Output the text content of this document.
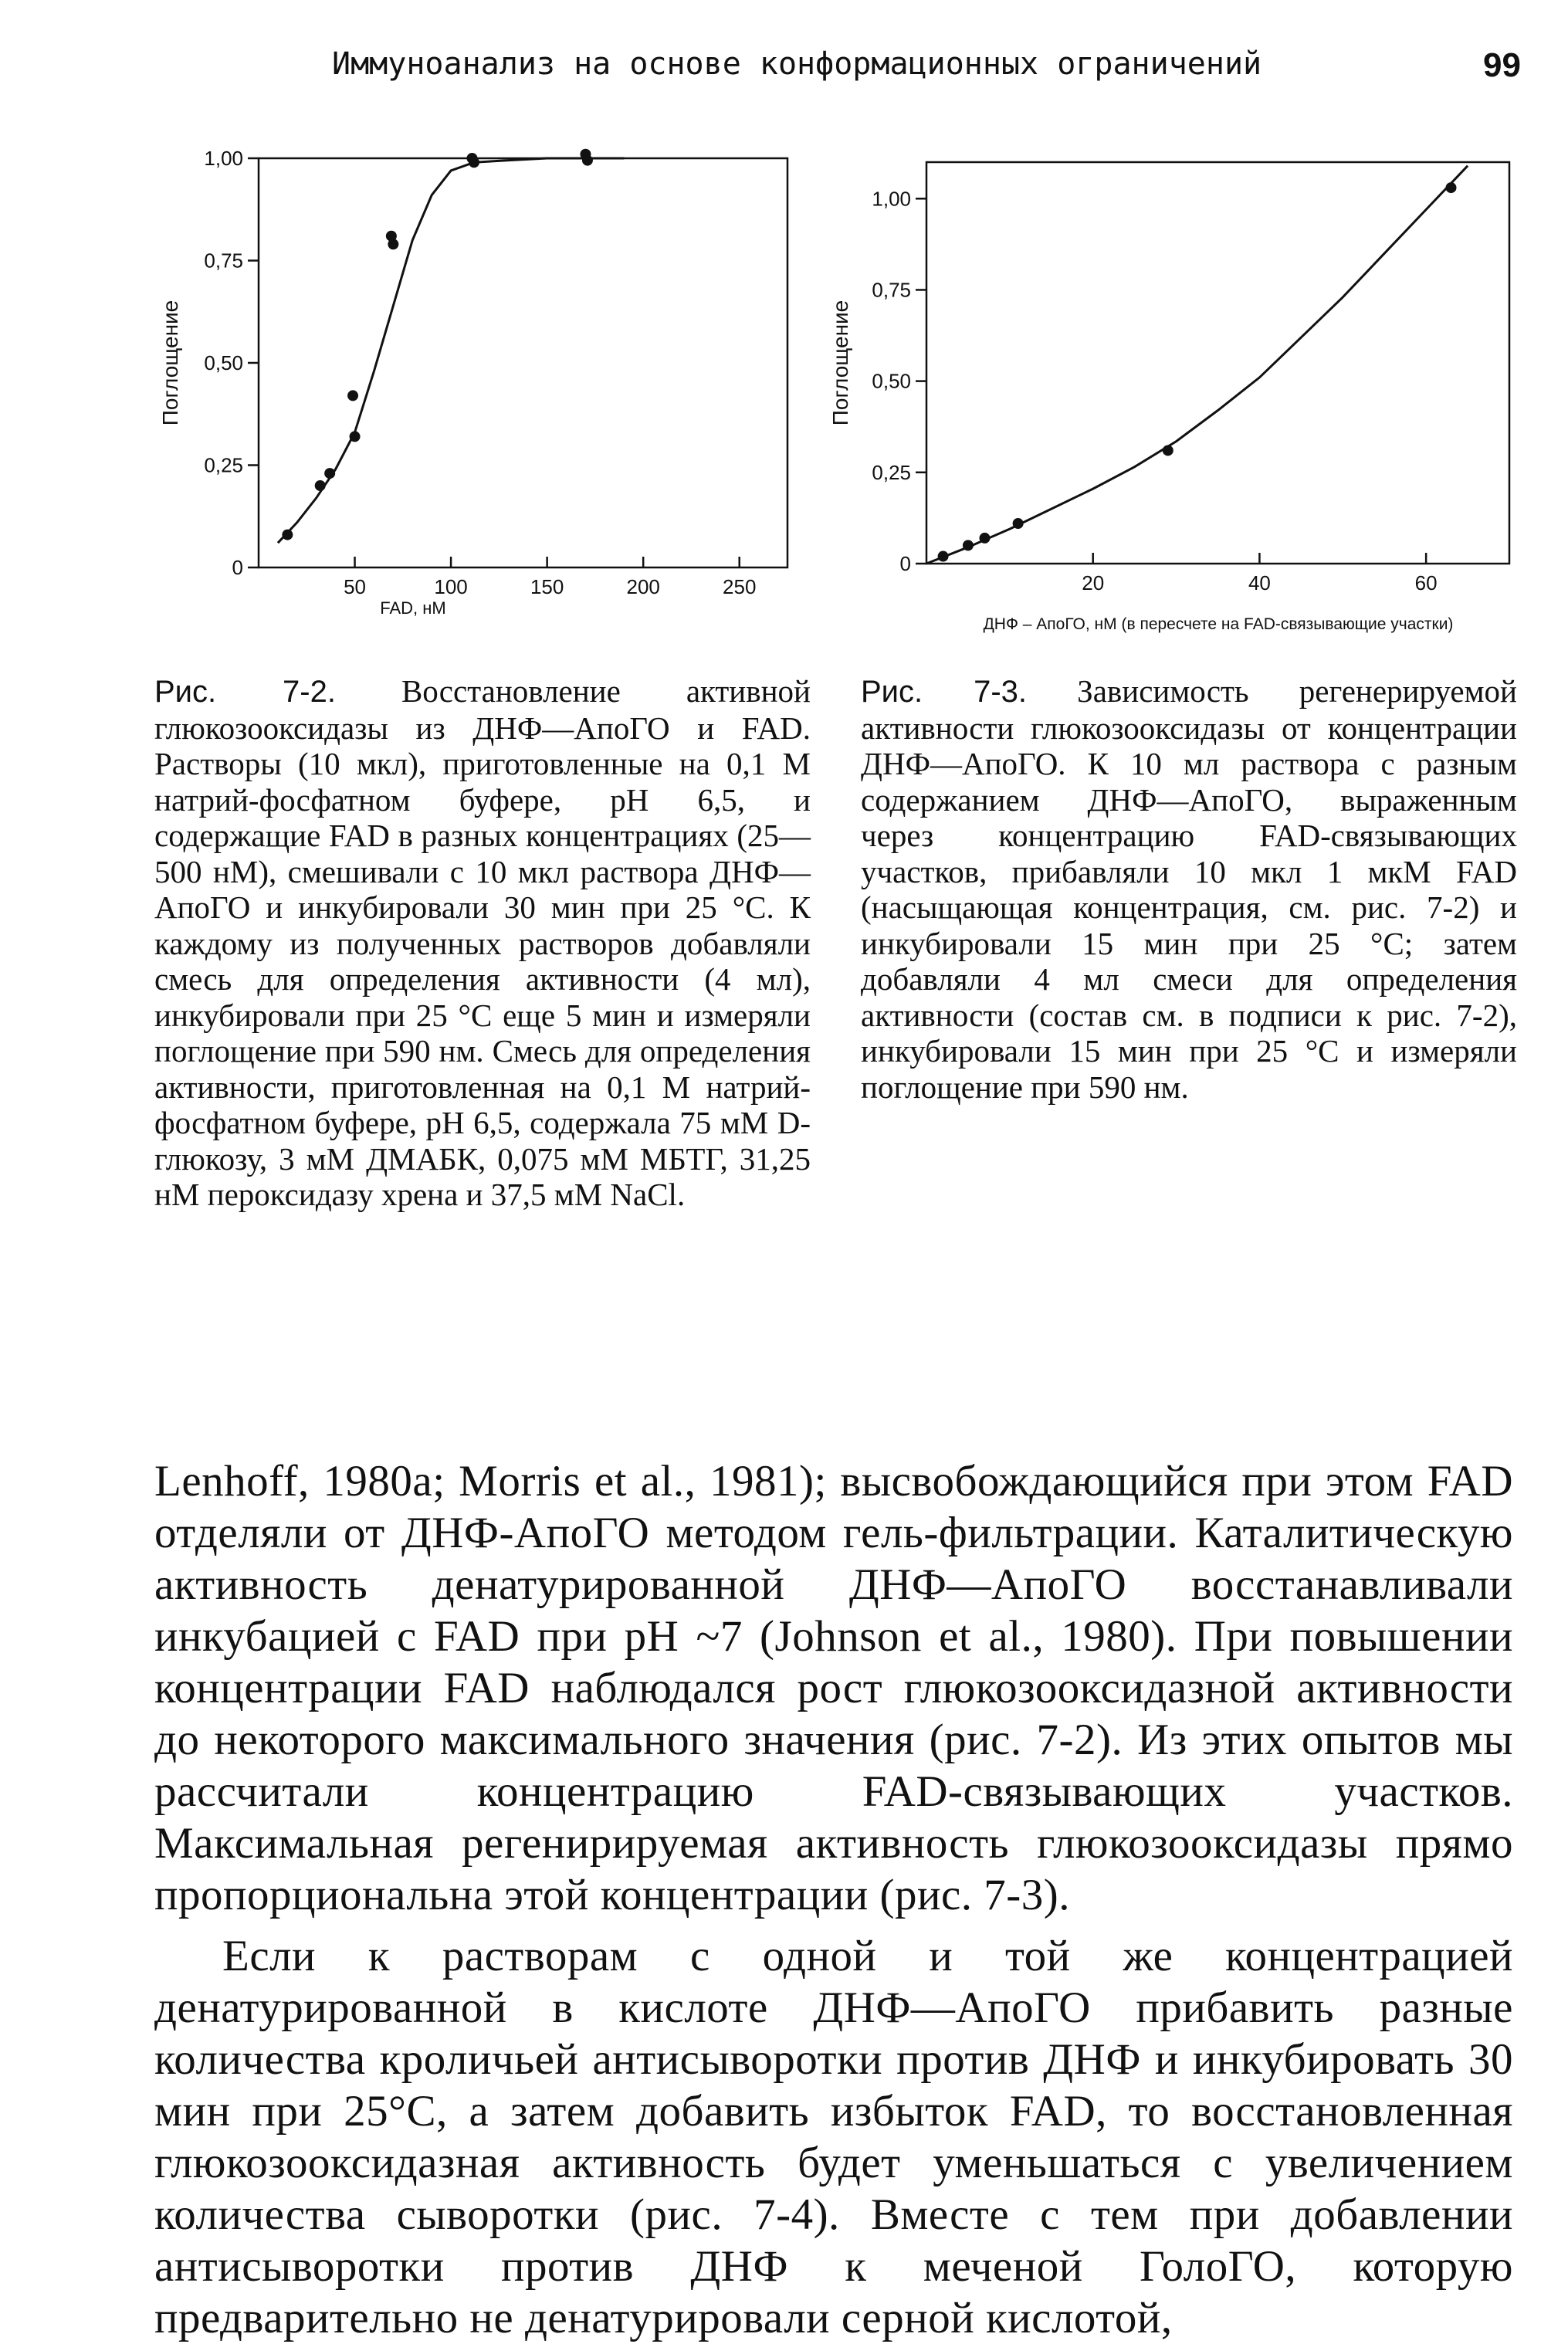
Иммуноанализ на основе конформационных ограничений	99
0
0,25
0,50
0,75
1,00
50	100	150	200	250
Поглощение
FAD, нМ
0
0,25
0,50
0,75
1,00
20	40	60
Поглощение
ДНФ – АпоГО, нМ (в пересчете на FAD-связывающие участки)
Рис. 7-2. Восстановление активной глюкозооксидазы из ДНФ—АпоГО и FAD. Растворы (10 мкл), приготовленные на 0,1 М натрий-фосфатном буфере, pH 6,5, и содержащие FAD в разных концентрациях (25—500 нМ), смешивали с 10 мкл раствора ДНФ—АпоГО и инкубировали 30 мин при 25 °С. К каждому из полученных растворов добавляли смесь для определения активности (4 мл), инкубировали при 25 °С еще 5 мин и измеряли поглощение при 590 нм. Смесь для определения активности, приготовленная на 0,1 М натрий-фосфатном буфере, pH 6,5, содержала 75 мМ D-глюкозу, 3 мМ ДМАБК, 0,075 мМ МБТГ, 31,25 нМ пероксидазу хрена и 37,5 мМ NaCl.
Рис. 7-3. Зависимость регенерируемой активности глюкозооксидазы от концентрации ДНФ—АпоГО. К 10 мл раствора с разным содержанием ДНФ—АпоГО, выраженным через концентрацию FAD-связывающих участков, прибавляли 10 мкл 1 мкМ FAD (насыщающая концентрация, см. рис. 7-2) и инкубировали 15 мин при 25 °С; затем добавляли 4 мл смеси для определения активности (состав см. в подписи к рис. 7-2), инкубировали 15 мин при 25 °С и измеряли поглощение при 590 нм.

Lenhoff, 1980a; Morris et al., 1981); высвобождающийся при этом FAD отделяли от ДНФ-АпоГО методом гель-фильтрации. Каталитическую активность денатурированной ДНФ—АпоГО восстанавливали инкубацией с FAD при pH ~7 (Johnson et al., 1980). При повышении концентрации FAD наблюдался рост глюкозооксидазной активности до некоторого максимального значения (рис. 7-2). Из этих опытов мы рассчитали концентрацию FAD-связывающих участков. Максимальная регенирируемая активность глюкозооксидазы прямо пропорциональна этой концентрации (рис. 7-3).

Если к растворам с одной и той же концентрацией денатурированной в кислоте ДНФ—АпоГО прибавить разные количества кроличьей антисыворотки против ДНФ и инкубировать 30 мин при 25°С, а затем добавить избыток FAD, то восстановленная глюкозооксидазная активность будет уменьшаться с увеличением количества сыворотки (рис. 7-4). Вместе с тем при добавлении антисыворотки против ДНФ к меченой ГолоГО, которую предварительно не денатурировали серной кислотой,
